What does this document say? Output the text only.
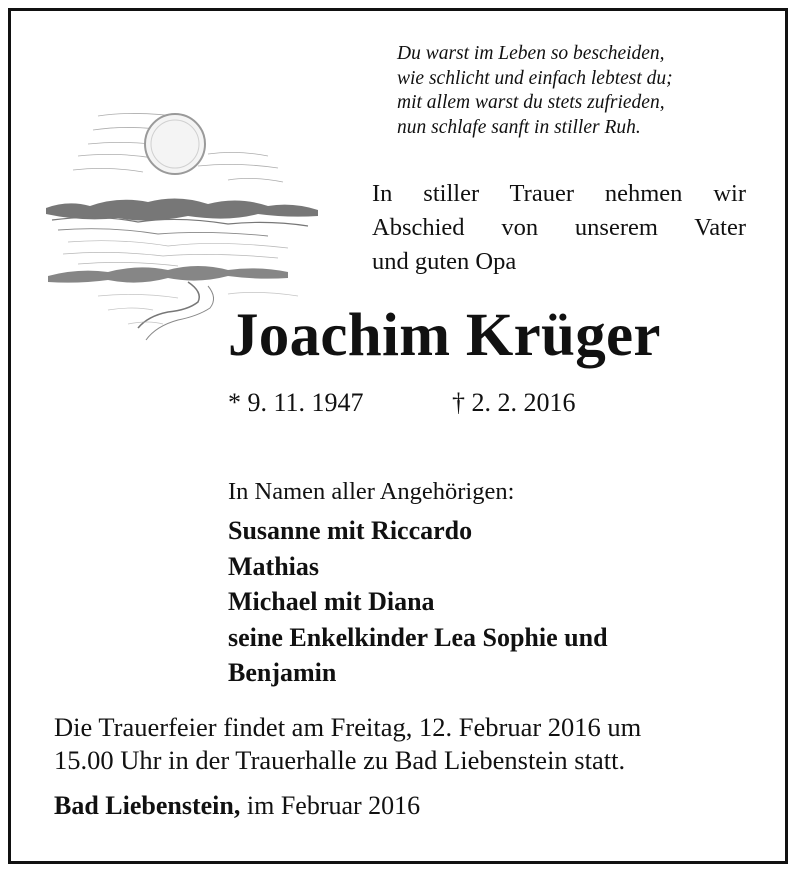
Du warst im Leben so bescheiden,
wie schlicht und einfach lebtest du;
mit allem warst du stets zufrieden,
nun schlafe sanft in stiller Ruh.
In stiller Trauer nehmen wir
Abschied von unserem Vater
und guten Opa
Joachim Krüger
* 9. 11. 1947	† 2. 2. 2016
In Namen aller Angehörigen:
Susanne mit Riccardo
Mathias
Michael mit Diana
seine Enkelkinder Lea Sophie und
Benjamin
Die Trauerfeier findet am Freitag, 12. Februar 2016 um
15.00 Uhr in der Trauerhalle zu Bad Liebenstein statt.
Bad Liebenstein, im Februar 2016
